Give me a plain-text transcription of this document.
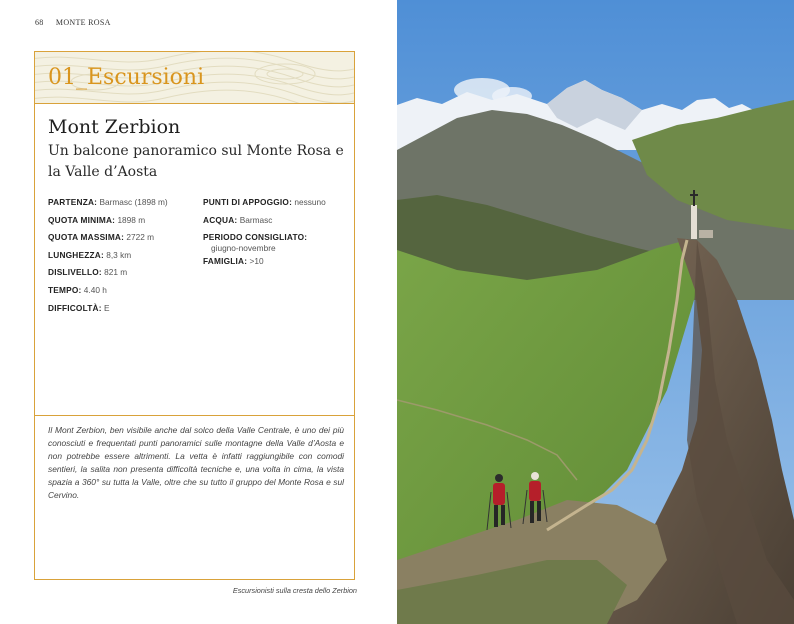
68 MONTE ROSA
01_Escursioni
Mont Zerbion
Un balcone panoramico sul Monte Rosa e la Valle d’Aosta
PARTENZA: Barmasc (1898 m)
QUOTA MINIMA: 1898 m
QUOTA MASSIMA: 2722 m
LUNGHEZZA: 8,3 km
DISLIVELLO: 821 m
TEMPO: 4.40 h
DIFFICOLTÀ: E
PUNTI DI APPOGGIO: nessuno
ACQUA: Barmasc
PERIODO CONSIGLIATO:
giugno-novembre
FAMIGLIA: >10
Il Mont Zerbion, ben visibile anche dal solco della Valle Centrale, è uno dei più conosciuti e frequentati punti panoramici sulle montagne della Valle d’Aosta e non potrebbe essere altrimenti. La vetta è infatti raggiungibile con comodi sentieri, la salita non presenta difficoltà tecniche e, una volta in cima, la vista spazia a 360° su tutta la Valle, oltre che su tutto il gruppo del Monte Rosa e sul Cervino.
Escursionisti sulla cresta dello Zerbion
